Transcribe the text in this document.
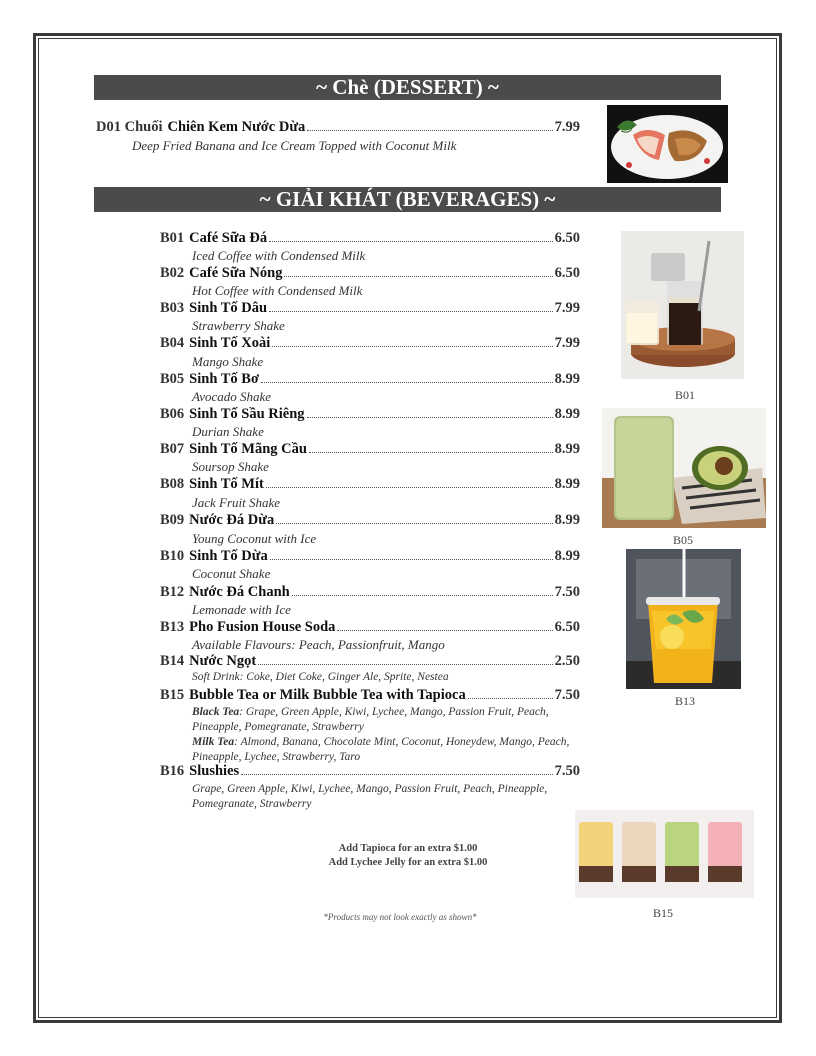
~ Chè (DESSERT) ~
D01 Chuối Chiên Kem Nước Dừa	7.99
Deep Fried Banana and Ice Cream Topped with Coconut Milk
~ GIẢI KHÁT (BEVERAGES) ~
B01 Café Sữa Đá	6.50
Iced Coffee with Condensed Milk
B02 Café Sữa Nóng	6.50
Hot Coffee with Condensed Milk
B03 Sinh Tố Dâu	7.99
Strawberry Shake
B04 Sinh Tố Xoài	7.99
Mango Shake
B05 Sinh Tố Bơ	8.99
Avocado Shake
B06 Sinh Tố Sầu Riêng	8.99
Durian Shake
B07 Sinh Tố Mãng Cầu	8.99
Soursop Shake
B08 Sinh Tố Mít	8.99
Jack Fruit Shake
B09 Nước Đá Dừa	8.99
Young Coconut with Ice
B10 Sinh Tố Dừa	8.99
Coconut Shake
B12 Nước Đá Chanh	7.50
Lemonade with Ice
B13 Pho Fusion House Soda	6.50
Available Flavours: Peach, Passionfruit, Mango
B14 Nước Ngọt	2.50
Soft Drink: Coke, Diet Coke, Ginger Ale, Sprite, Nestea
B15 Bubble Tea or Milk Bubble Tea with Tapioca	7.50
Black Tea: Grape, Green Apple, Kiwi, Lychee, Mango, Passion Fruit, Peach, Pineapple, Pomegranate, Strawberry
Milk Tea: Almond, Banana, Chocolate Mint, Coconut, Honeydew, Mango, Peach, Pineapple, Lychee, Strawberry, Taro
B16 Slushies	7.50
Grape, Green Apple, Kiwi, Lychee, Mango, Passion Fruit, Peach, Pineapple, Pomegranate, Strawberry
B01
B05
B13
B15
Add Tapioca for an extra $1.00
Add Lychee Jelly for an extra $1.00
*Products may not look exactly as shown*
